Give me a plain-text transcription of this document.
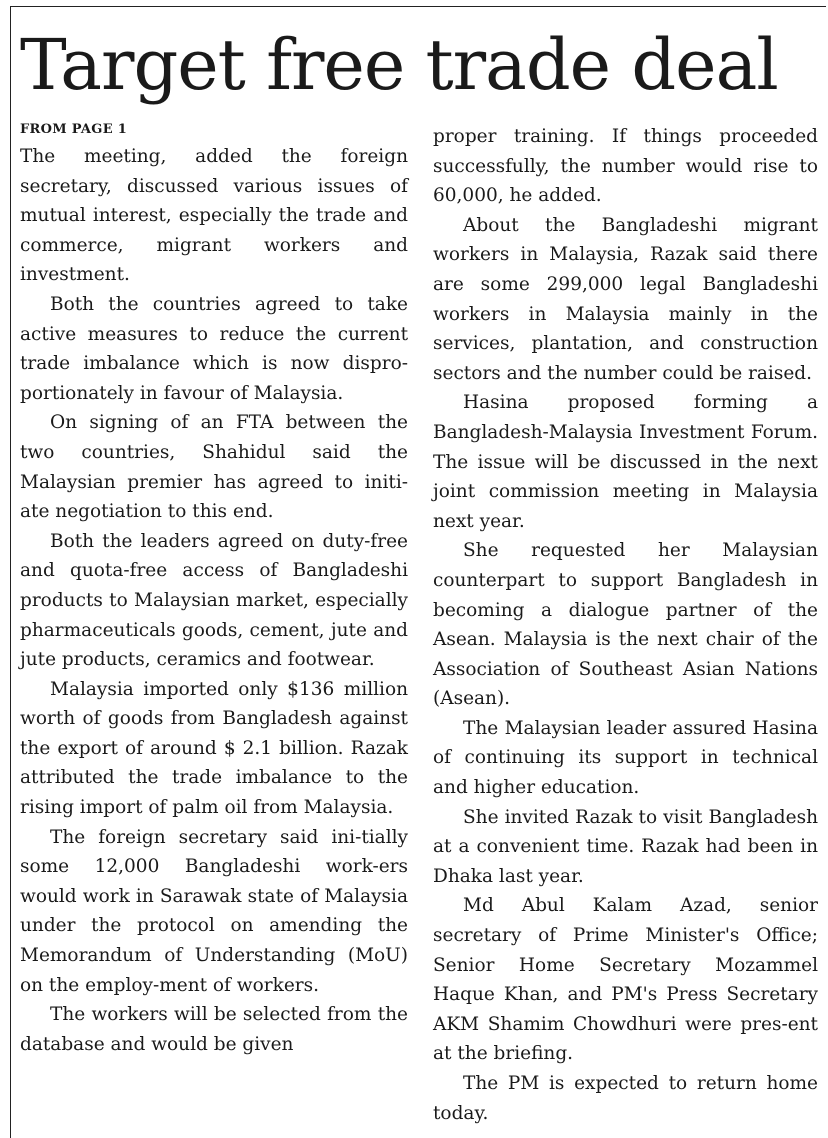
Target free trade deal
FROM PAGE 1

The meeting, added the foreign secretary, discussed various issues of mutual interest, especially the trade and commerce, migrant workers and investment.

Both the countries agreed to take active measures to reduce the current trade imbalance which is now dispro-portionately in favour of Malaysia.

On signing of an FTA between the two countries, Shahidul said the Malaysian premier has agreed to initi-ate negotiation to this end.

Both the leaders agreed on duty-free and quota-free access of Bangladeshi products to Malaysian market, especially pharmaceuticals goods, cement, jute and jute products, ceramics and footwear.

Malaysia imported only $136 million worth of goods from Bangladesh against the export of around $ 2.1 billion. Razak attributed the trade imbalance to the rising import of palm oil from Malaysia.

The foreign secretary said ini-tially some 12,000 Bangladeshi work-ers would work in Sarawak state of Malaysia under the protocol on amending the Memorandum of Understanding (MoU) on the employ-ment of workers.

The workers will be selected from the database and would be given

proper training. If things proceeded successfully, the number would rise to 60,000, he added.

About the Bangladeshi migrant workers in Malaysia, Razak said there are some 299,000 legal Bangladeshi workers in Malaysia mainly in the services, plantation, and construction sectors and the number could be raised.

Hasina proposed forming a Bangladesh-Malaysia Investment Forum. The issue will be discussed in the next joint commission meeting in Malaysia next year.

She requested her Malaysian counterpart to support Bangladesh in becoming a dialogue partner of the Asean. Malaysia is the next chair of the Association of Southeast Asian Nations (Asean).

The Malaysian leader assured Hasina of continuing its support in technical and higher education.

She invited Razak to visit Bangladesh at a convenient time. Razak had been in Dhaka last year.

Md Abul Kalam Azad, senior secretary of Prime Minister's Office; Senior Home Secretary Mozammel Haque Khan, and PM's Press Secretary AKM Shamim Chowdhuri were pres-ent at the briefing.

The PM is expected to return home today.
